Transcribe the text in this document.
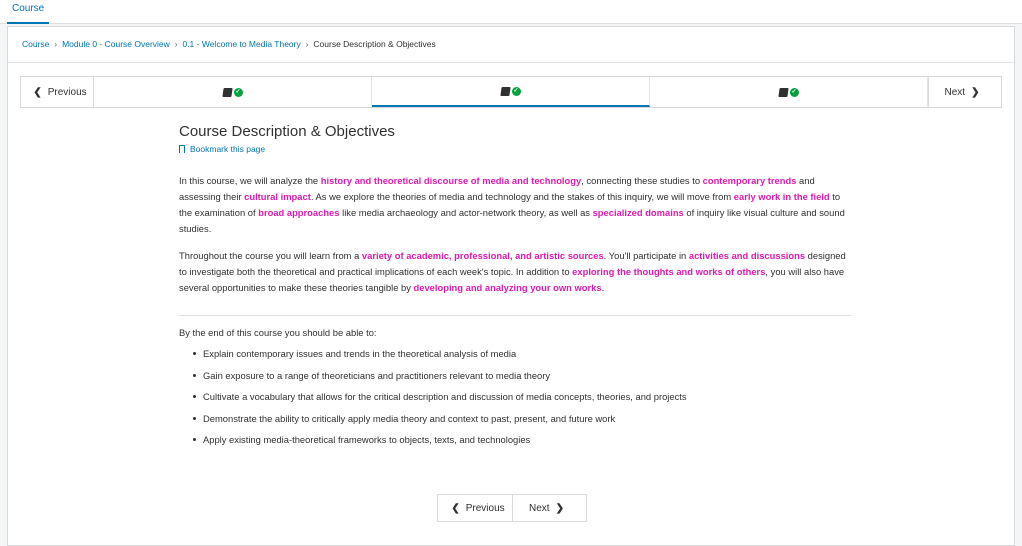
Course
Course › Module 0 - Course Overview › 0.1 - Welcome to Media Theory › Course Description & Objectives
❮ Previous	✓	✓	✓	Next ❯
Course Description & Objectives
Bookmark this page

In this course, we will analyze the history and theoretical discourse of media and technology, connecting these studies to contemporary trends and assessing their cultural impact. As we explore the theories of media and technology and the stakes of this inquiry, we will move from early work in the field to the examination of broad approaches like media archaeology and actor-network theory, as well as specialized domains of inquiry like visual culture and sound studies.

Throughout the course you will learn from a variety of academic, professional, and artistic sources. You'll participate in activities and discussions designed to investigate both the theoretical and practical implications of each week's topic. In addition to exploring the thoughts and works of others, you will also have several opportunities to make these theories tangible by developing and analyzing your own works.

By the end of this course you should be able to:

Explain contemporary issues and trends in the theoretical analysis of media
Gain exposure to a range of theoreticians and practitioners relevant to media theory
Cultivate a vocabulary that allows for the critical description and discussion of media concepts, theories, and projects
Demonstrate the ability to critically apply media theory and context to past, present, and future work
Apply existing media-theoretical frameworks to objects, texts, and technologies
❮ Previous Next ❯
